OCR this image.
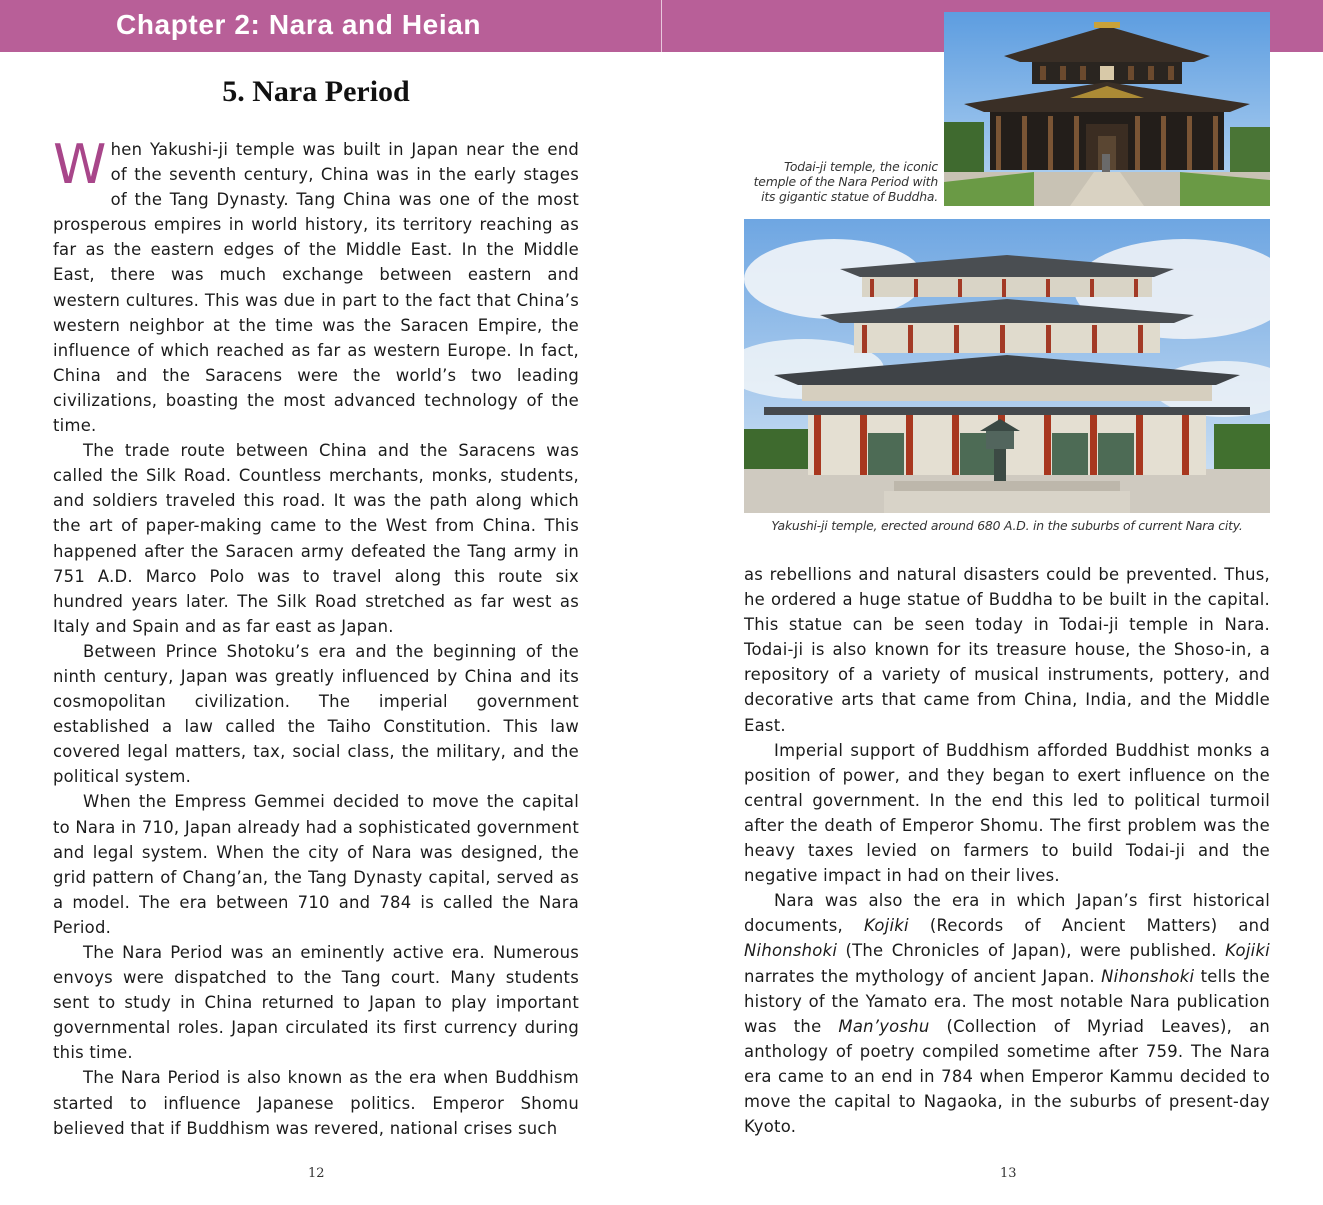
Chapter 2: Nara and Heian
5. Nara Period

When Yakushi-ji temple was built in Japan near the end of the seventh century, China was in the early stages of the Tang Dynasty. Tang China was one of the most prosperous empires in world history, its territory reaching as far as the eastern edges of the Middle East. In the Middle East, there was much exchange between eastern and western cultures. This was due in part to the fact that China’s western neighbor at the time was the Saracen Empire, the influence of which reached as far as western Europe. In fact, China and the Saracens were the world’s two leading civilizations, boasting the most advanced technology of the time.

The trade route between China and the Saracens was called the Silk Road. Countless merchants, monks, students, and soldiers traveled this road. It was the path along which the art of paper-making came to the West from China. This happened after the Saracen army defeated the Tang army in 751 A.D. Marco Polo was to travel along this route six hundred years later. The Silk Road stretched as far west as Italy and Spain and as far east as Japan.

Between Prince Shotoku’s era and the beginning of the ninth century, Japan was greatly influenced by China and its cosmopolitan civilization. The imperial government established a law called the Taiho Constitution. This law covered legal matters, tax, social class, the military, and the political system.

When the Empress Gemmei decided to move the capital to Nara in 710, Japan already had a sophisticated government and legal system. When the city of Nara was designed, the grid pattern of Chang’an, the Tang Dynasty capital, served as a model. The era between 710 and 784 is called the Nara Period.

The Nara Period was an eminently active era. Numerous envoys were dispatched to the Tang court. Many students sent to study in China returned to Japan to play important governmental roles. Japan circulated its first currency during this time.

The Nara Period is also known as the era when Buddhism started to influence Japanese politics. Emperor Shomu believed that if Buddhism was revered, national crises such

Todai-ji temple, the iconic temple of the Nara Period with its gigantic statue of Buddha.
Yakushi-ji temple, erected around 680 A.D. in the suburbs of current Nara city.

as rebellions and natural disasters could be prevented. Thus, he ordered a huge statue of Buddha to be built in the capital. This statue can be seen today in Todai-ji temple in Nara. Todai-ji is also known for its treasure house, the Shoso-in, a repository of a variety of musical instruments, pottery, and decorative arts that came from China, India, and the Middle East.

Imperial support of Buddhism afforded Buddhist monks a position of power, and they began to exert influence on the central government. In the end this led to political turmoil after the death of Emperor Shomu. The first problem was the heavy taxes levied on farmers to build Todai-ji and the negative impact in had on their lives.

Nara was also the era in which Japan’s first historical documents, Kojiki (Records of Ancient Matters) and Nihonshoki (The Chronicles of Japan), were published. Kojiki narrates the mythology of ancient Japan. Nihonshoki tells the history of the Yamato era. The most notable Nara publication was the Man’yoshu (Collection of Myriad Leaves), an anthology of poetry compiled sometime after 759. The Nara era came to an end in 784 when Emperor Kammu decided to move the capital to Nagaoka, in the suburbs of present-day Kyoto.

12	13
